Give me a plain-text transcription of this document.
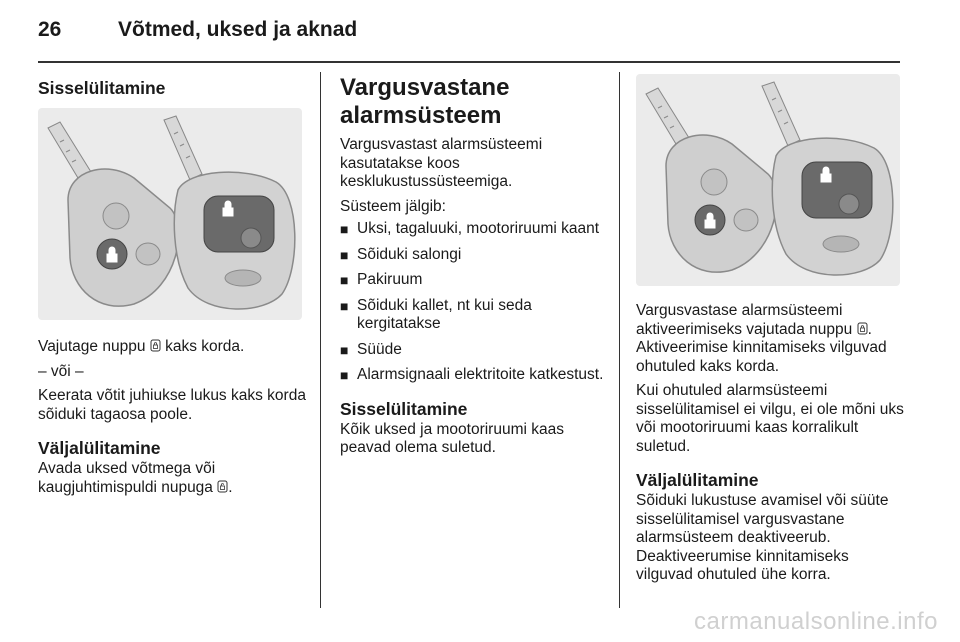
26	Võtmed, uksed ja aknad
Sisselülitamine

Vajutage nuppu kaks korda.

– või –

Keerata võtit juhiukse lukus kaks korda sõiduki tagaosa poole.

Väljalülitamine

Avada uksed võtmega või kaugjuhtimispuldi nupuga .

Vargusvastane alarmsüsteem

Vargusvastast alarmsüsteemi kasutatakse koos kesklukustussüsteemiga.

Süsteem jälgib:

■ Uksi, tagaluuki, mootoriruumi kaant
■ Sõiduki salongi
■ Pakiruum
■ Sõiduki kallet, nt kui seda kergitatakse
■ Süüde
■ Alarmsignaali elektritoite katkestust.
Sisselülitamine

Kõik uksed ja mootoriruumi kaas peavad olema suletud.

Vargusvastase alarmsüsteemi aktiveerimiseks vajutada nuppu . Aktiveerimise kinnitamiseks vilguvad ohutuled kaks korda.

Kui ohutuled alarmsüsteemi sisselülitamisel ei vilgu, ei ole mõni uks või mootoriruumi kaas korralikult suletud.

Väljalülitamine

Sõiduki lukustuse avamisel või süüte sisselülitamisel vargusvastane alarmsüsteem deaktiveerub. Deaktiveerumise kinnitamiseks vilguvad ohutuled ühe korra.

carmanualsonline.info
